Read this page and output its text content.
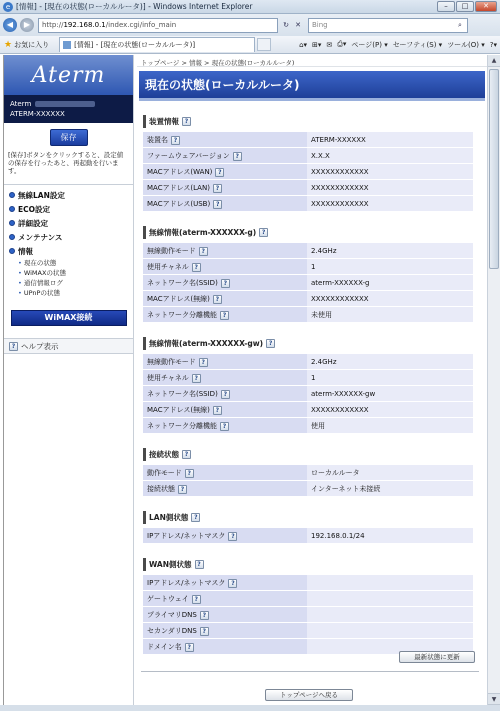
e [情報] - [現在の状態(ローカルルータ)] - Windows Internet Explorer	–	□	✕
◀	▶	http:// 192.168.0.1 /index.cgi/info_main	↻ ✕	Bing	⌕
★ お気に入り	[情報] - [現在の状態(ローカルルータ)]	⌂▾ ⊞▾ ✉ ⎙▾ ページ(P) ▾ セーフティ(S) ▾ ツール(O) ▾ ?▾
Aterm
Aterm
ATERM-XXXXXX
保存
[保存]ボタンをクリックすると、設定値の保存を行ったあと、再起動を行います。
無線LAN設定
ECO設定
詳細設定
メンテナンス
情報
• 現在の状態
• WiMAXの状態
• 通信情報ログ
• UPnPの状態
WiMAX接続
? ヘルプ表示
トップページ > 情報 > 現在の状態(ローカルルータ)
現在の状態(ローカルルータ)
装置情報 ?
装置名 ?	ATERM-XXXXXX
ファームウェアバージョン ?	X.X.X
MACアドレス(WAN) ?	XXXXXXXXXXXX
MACアドレス(LAN) ?	XXXXXXXXXXXX
MACアドレス(USB) ?	XXXXXXXXXXXX
無線情報(aterm-XXXXXX-g) ?
無線動作モード ?	2.4GHz
使用チャネル ?	1
ネットワーク名(SSID) ?	aterm-XXXXXX-g
MACアドレス(無線) ?	XXXXXXXXXXXX
ネットワーク分離機能 ?	未使用
無線情報(aterm-XXXXXX-gw) ?
無線動作モード ?	2.4GHz
使用チャネル ?	1
ネットワーク名(SSID) ?	aterm-XXXXXX-gw
MACアドレス(無線) ?	XXXXXXXXXXXX
ネットワーク分離機能 ?	使用
接続状態 ?
動作モード ?	ローカルルータ
接続状態 ?	インターネット未接続
LAN側状態 ?
IPアドレス/ネットマスク ?	192.168.0.1/24
WAN側状態 ?
IPアドレス/ネットマスク ?	
ゲートウェイ ?	
プライマリDNS ?	
セカンダリDNS ?	
ドメイン名 ?	
最新状態に更新
トップページへ戻る
▲
▼
